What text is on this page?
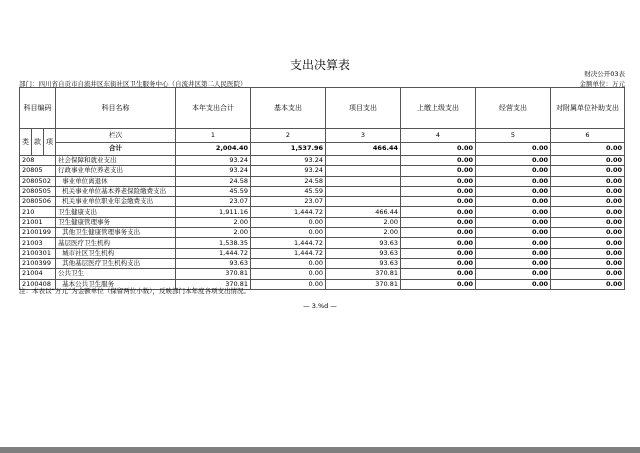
支出决算表
财决公开03表
部门：四川省自贡市自流井区东街社区卫生服务中心（自流井区第二人民医院）	金额单位：万元
科目编码			科目名称	本年支出合计	基本支出	项目支出	上缴上级支出	经营支出	对附属单位补助支出
类	款	项							
			栏次	1	2	3	4	5	6
			合计	2,004.40	1,537.96	466.44	0.00	0.00	0.00
208			社会保障和就业支出	93.24	93.24		0.00	0.00	0.00
20805			行政事业单位养老支出	93.24	93.24		0.00	0.00	0.00
2080502			事业单位离退休	24.58	24.58		0.00	0.00	0.00
2080505			机关事业单位基本养老保险缴费支出	45.59	45.59		0.00	0.00	0.00
2080506			机关事业单位职业年金缴费支出	23.07	23.07		0.00	0.00	0.00
210			卫生健康支出	1,911.16	1,444.72	466.44	0.00	0.00	0.00
21001			卫生健康管理事务	2.00	0.00	2.00	0.00	0.00	0.00
2100199			其他卫生健康管理事务支出	2.00	0.00	2.00	0.00	0.00	0.00
21003			基层医疗卫生机构	1,538.35	1,444.72	93.63	0.00	0.00	0.00
2100301			城市社区卫生机构	1,444.72	1,444.72	93.63	0.00	0.00	0.00
2100399			其他基层医疗卫生机构支出	93.63	0.00	93.63	0.00	0.00	0.00
21004			公共卫生	370.81	0.00	370.81	0.00	0.00	0.00
2100408			基本公共卫生服务	370.81	0.00	370.81	0.00	0.00	0.00
注：本表以“万元”为金额单位（保留两位小数），反映部门本年度各项支出情况。
— 3.%d —
